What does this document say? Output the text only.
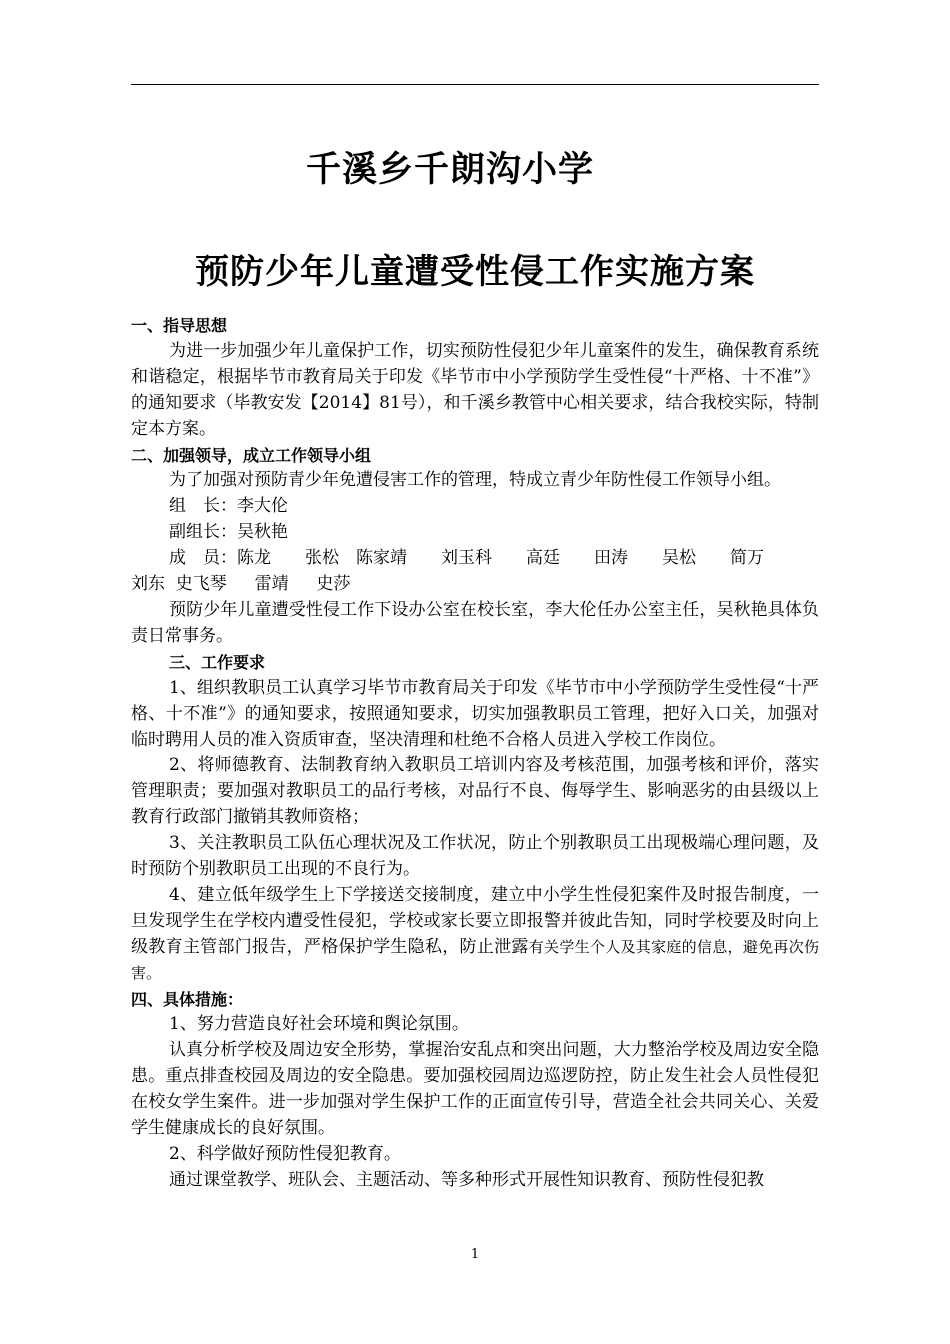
千溪乡千朗沟小学
预防少年儿童遭受性侵工作实施方案

一、指导思想

为进一步加强少年儿童保护工作，切实预防性侵犯少年儿童案件的发生，确保教育系统和谐稳定，根据毕节市教育局关于印发《毕节市中小学预防学生受性侵“十严格、十不准”》的通知要求（毕教安发【2014】81号），和千溪乡教管中心相关要求，结合我校实际，特制定本方案。

二、加强领导，成立工作领导小组

为了加强对预防青少年免遭侵害工作的管理，特成立青少年防性侵工作领导小组。

组　长：李大伦

副组长：吴秋艳

成　员：陈龙　　张松　陈家靖　　刘玉科　　高廷　　田涛　　吴松　　简万

刘东  史飞琴　  雷靖　  史莎

预防少年儿童遭受性侵工作下设办公室在校长室，李大伦任办公室主任，吴秋艳具体负责日常事务。

三、工作要求

1、组织教职员工认真学习毕节市教育局关于印发《毕节市中小学预防学生受性侵“十严格、十不准”》的通知要求，按照通知要求，切实加强教职员工管理，把好入口关，加强对临时聘用人员的准入资质审查，坚决清理和杜绝不合格人员进入学校工作岗位。

2、将师德教育、法制教育纳入教职员工培训内容及考核范围，加强考核和评价，落实管理职责；要加强对教职员工的品行考核，对品行不良、侮辱学生、影响恶劣的由县级以上教育行政部门撤销其教师资格；

3、关注教职员工队伍心理状况及工作状况，防止个别教职员工出现极端心理问题，及时预防个别教职员工出现的不良行为。

4、建立低年级学生上下学接送交接制度，建立中小学生性侵犯案件及时报告制度，一旦发现学生在学校内遭受性侵犯，学校或家长要立即报警并彼此告知，同时学校要及时向上级教育主管部门报告，严格保护学生隐私，防止泄露有关学生个人及其家庭的信息，避免再次伤害。

四、具体措施：

1、努力营造良好社会环境和舆论氛围。

认真分析学校及周边安全形势，掌握治安乱点和突出问题，大力整治学校及周边安全隐患。重点排查校园及周边的安全隐患。要加强校园周边巡逻防控，防止发生社会人员性侵犯在校女学生案件。进一步加强对学生保护工作的正面宣传引导，营造全社会共同关心、关爱学生健康成长的良好氛围。

2、科学做好预防性侵犯教育。

通过课堂教学、班队会、主题活动、等多种形式开展性知识教育、预防性侵犯教

1
